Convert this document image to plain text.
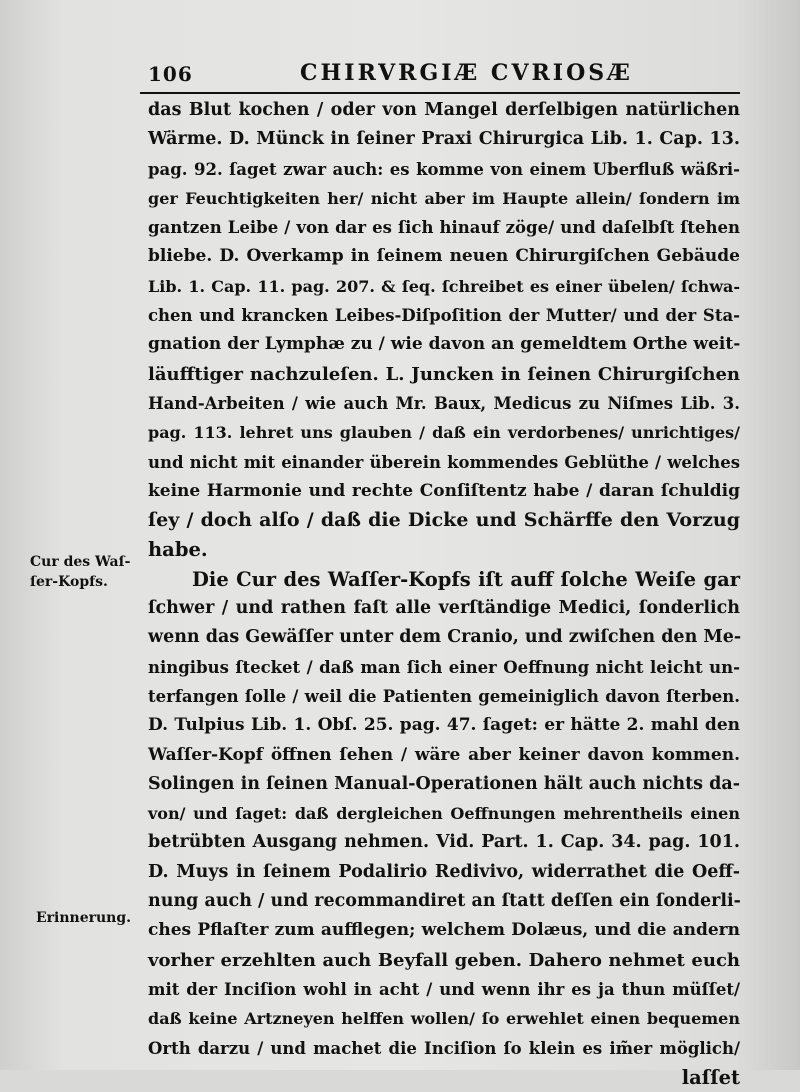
106	CHIRVRGIÆ CVRIOSÆ
Cur des Waſ-
ſer-Kopfs.
Erinnerung.
das Blut kochen / oder von Mangel derſelbigen natürlichen
Wärme. D. Münck in ſeiner Praxi Chirurgica Lib. 1. Cap. 13.
pag. 92. ſaget zwar auch: es komme von einem Uberfluß wäßri-
ger Feuchtigkeiten her/ nicht aber im Haupte allein/ ſondern im
gantzen Leibe / von dar es ſich hinauf zöge/ und daſelbſt ſtehen
bliebe. D. Overkamp in ſeinem neuen Chirurgiſchen Gebäude
Lib. 1. Cap. 11. pag. 207. & ſeq. ſchreibet es einer übelen/ ſchwa-
chen und krancken Leibes-Diſpoſition der Mutter/ und der Sta-
gnation der Lymphæ zu / wie davon an gemeldtem Orthe weit-
läufftiger nachzuleſen. L. Juncken in ſeinen Chirurgiſchen
Hand-Arbeiten / wie auch Mr. Baux, Medicus zu Niſmes Lib. 3.
pag. 113. lehret uns glauben / daß ein verdorbenes/ unrichtiges/
und nicht mit einander überein kommendes Geblüthe / welches
keine Harmonie und rechte Conſiſtentz habe / daran ſchuldig
ſey / doch alſo / daß die Dicke und Schärffe den Vorzug
habe.
Die Cur des Waſſer-Kopfs iſt auff ſolche Weiſe gar
ſchwer / und rathen faſt alle verſtändige Medici, ſonderlich
wenn das Gewäſſer unter dem Cranio, und zwiſchen den Me-
ningibus ſtecket / daß man ſich einer Oeffnung nicht leicht un-
terfangen ſolle / weil die Patienten gemeiniglich davon ſterben.
D. Tulpius Lib. 1. Obſ. 25. pag. 47. ſaget: er hätte 2. mahl den
Waſſer-Kopf öffnen ſehen / wäre aber keiner davon kommen.
Solingen in ſeinen Manual-Operationen hält auch nichts da-
von/ und ſaget: daß dergleichen Oeffnungen mehrentheils einen
betrübten Ausgang nehmen. Vid. Part. 1. Cap. 34. pag. 101.
D. Muys in ſeinem Podalirio Redivivo, widerrathet die Oeff-
nung auch / und recommandiret an ſtatt deſſen ein ſonderli-
ches Pflaſter zum aufflegen; welchem Dolæus, und die andern
vorher erzehlten auch Beyfall geben. Dahero nehmet euch
mit der Inciſion wohl in acht / und wenn ihr es ja thun müſſet/
daß keine Artzneyen helffen wollen/ ſo erwehlet einen bequemen
Orth darzu / und machet die Inciſion ſo klein es im̃er möglich/
laſſet
